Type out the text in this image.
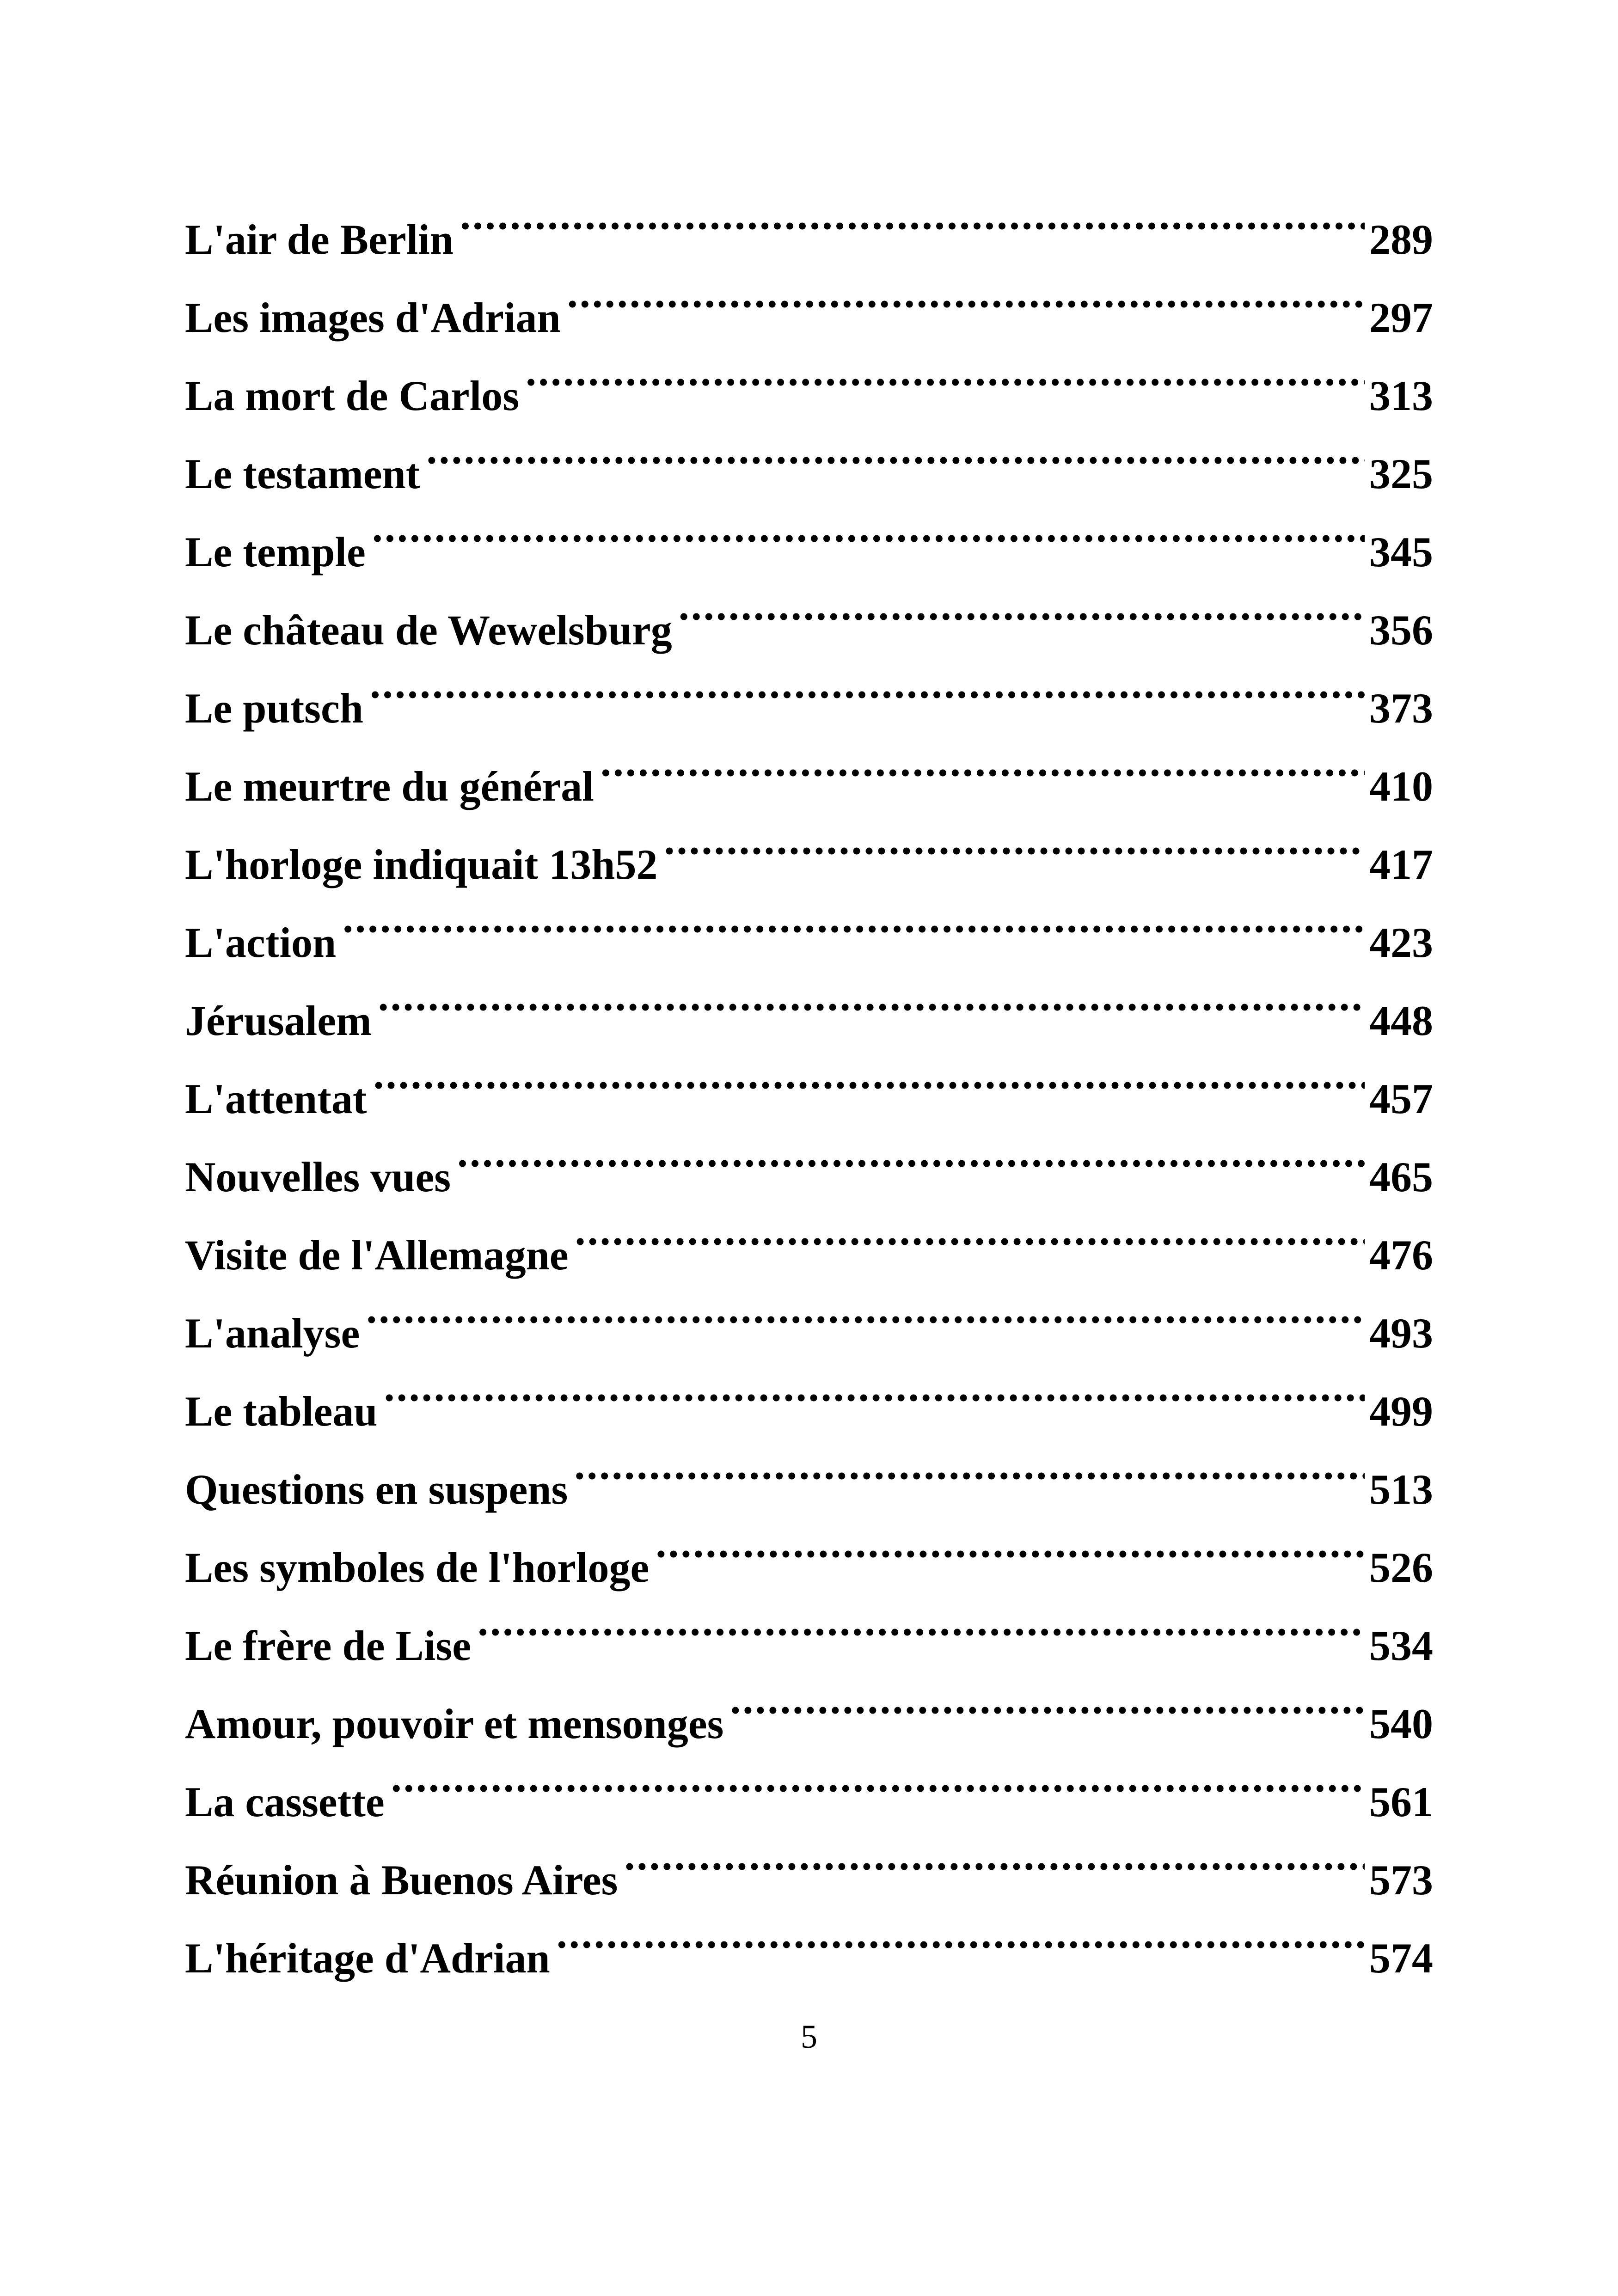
L'air de Berlin .....	289
Les images d'Adrian .....	297
La mort de Carlos .....	313
Le testament .....	325
Le temple .....	345
Le château de Wewelsburg .....	356
Le putsch .....	373
Le meurtre du général .....	410
L'horloge indiquait 13h52 .....	417
L'action .....	423
Jérusalem .....	448
L'attentat .....	457
Nouvelles vues .....	465
Visite de l'Allemagne .....	476
L'analyse .....	493
Le tableau .....	499
Questions en suspens .....	513
Les symboles de l'horloge .....	526
Le frère de Lise .....	534
Amour, pouvoir et mensonges .....	540
La cassette .....	561
Réunion à Buenos Aires .....	573
L'héritage d'Adrian .....	574
5
